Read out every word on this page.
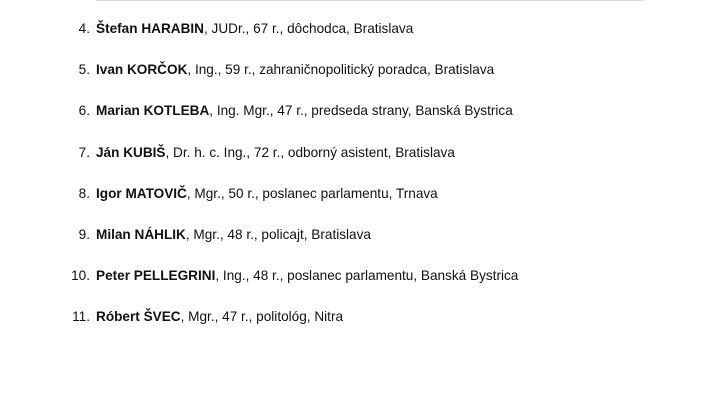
4. Štefan HARABIN , JUDr., 67 r., dôchodca, Bratislava
5. Ivan KORČOK , Ing., 59 r., zahraničnopolitický poradca, Bratislava
6. Marian KOTLEBA , Ing. Mgr., 47 r., predseda strany, Banská Bystrica
7. Ján KUBIŠ , Dr. h. c. Ing., 72 r., odborný asistent, Bratislava
8. Igor MATOVIČ , Mgr., 50 r., poslanec parlamentu, Trnava
9. Milan NÁHLIK , Mgr., 48 r., policajt, Bratislava
10. Peter PELLEGRINI , Ing., 48 r., poslanec parlamentu, Banská Bystrica
11. Róbert ŠVEC , Mgr., 47 r., politológ, Nitra
